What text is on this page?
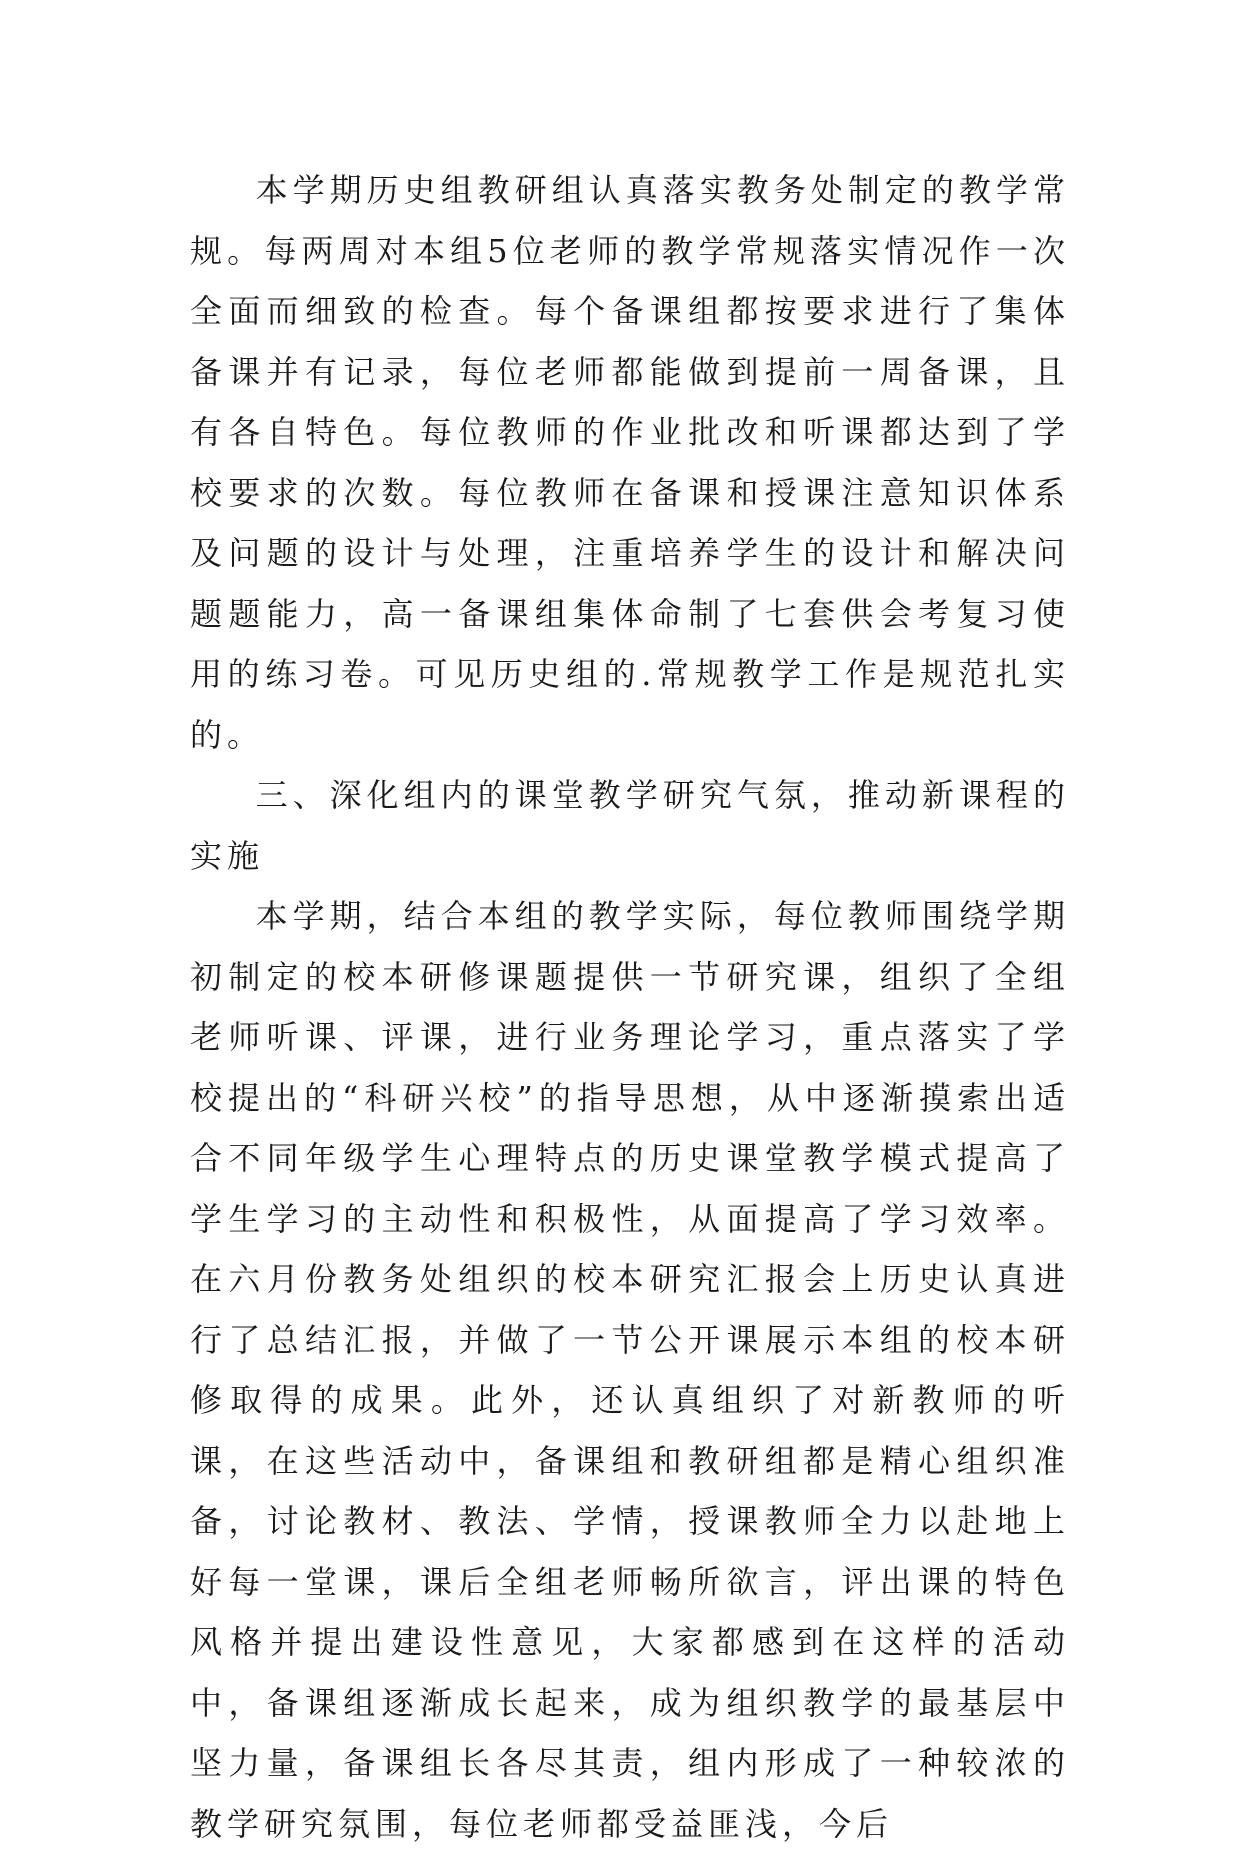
本学期历史组教研组认真落实教务处制定的教学常规。每两周对本组5位老师的教学常规落实情况作一次全面而细致的检查。每个备课组都按要求进行了集体备课并有记录，每位老师都能做到提前一周备课，且有各自特色。每位教师的作业批改和听课都达到了学校要求的次数。每位教师在备课和授课注意知识体系及问题的设计与处理，注重培养学生的设计和解决问题题能力，高一备课组集体命制了七套供会考复习使用的练习卷。可见历史组的.常规教学工作是规范扎实的。

三、深化组内的课堂教学研究气氛，推动新课程的实施

本学期，结合本组的教学实际，每位教师围绕学期初制定的校本研修课题提供一节研究课，组织了全组老师听课、评课，进行业务理论学习，重点落实了学校提出的“科研兴校”的指导思想，从中逐渐摸索出适合不同年级学生心理特点的历史课堂教学模式提高了学生学习的主动性和积极性，从面提高了学习效率。在六月份教务处组织的校本研究汇报会上历史认真进行了总结汇报，并做了一节公开课展示本组的校本研修取得的成果。此外，还认真组织了对新教师的听课，在这些活动中，备课组和教研组都是精心组织准备，讨论教材、教法、学情，授课教师全力以赴地上好每一堂课，课后全组老师畅所欲言，评出课的特色风格并提出建设性意见，大家都感到在这样的活动中，备课组逐渐成长起来，成为组织教学的最基层中坚力量，备课组长各尽其责，组内形成了一种较浓的教学研究氛围，每位老师都受益匪浅，今后
